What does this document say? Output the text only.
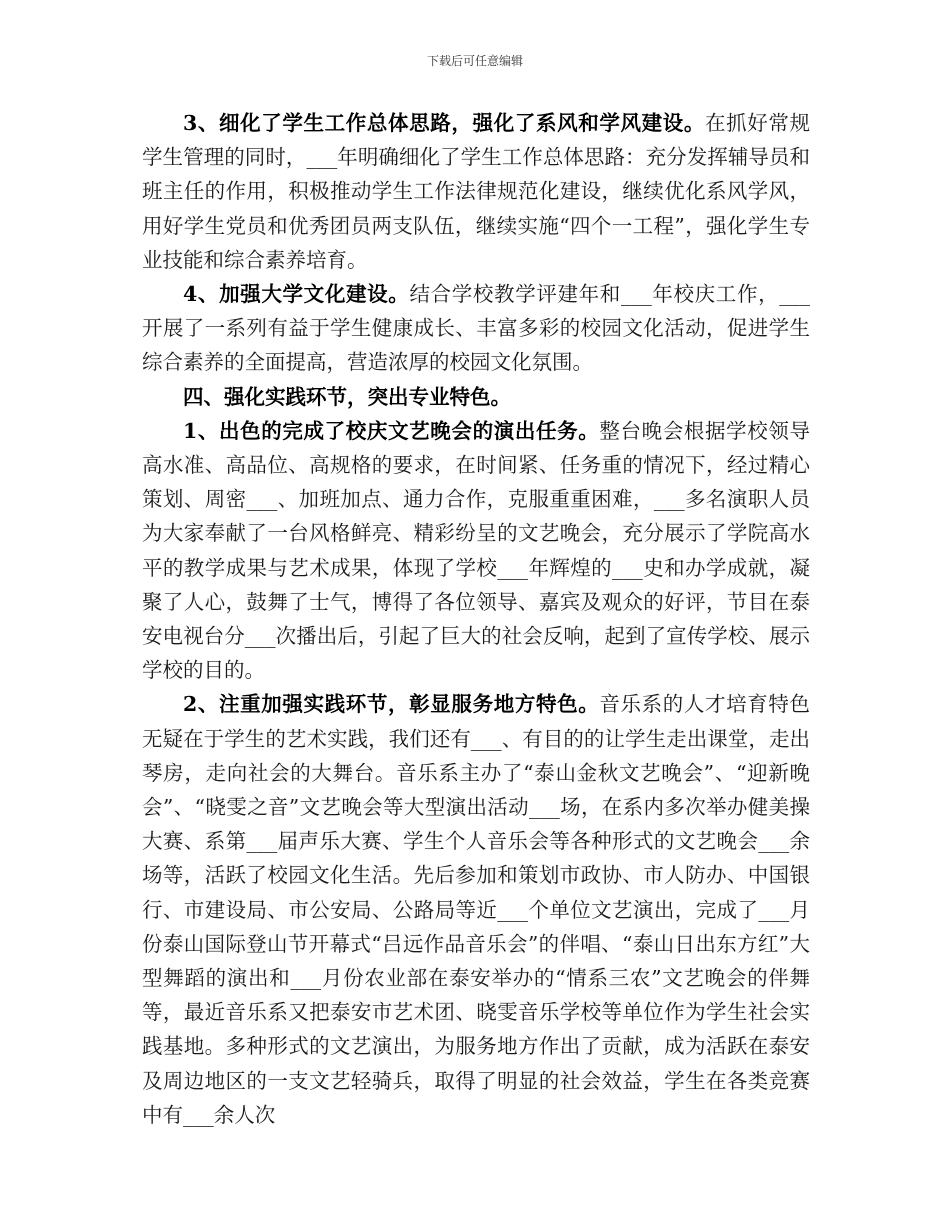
下载后可任意编辑

3、细化了学生工作总体思路，强化了系风和学风建设。在抓好常规学生管理的同时，___年明确细化了学生工作总体思路：充分发挥辅导员和班主任的作用，积极推动学生工作法律规范化建设，继续优化系风学风，用好学生党员和优秀团员两支队伍，继续实施“四个一工程”，强化学生专业技能和综合素养培育。

4、加强大学文化建设。结合学校教学评建年和___年校庆工作，___开展了一系列有益于学生健康成长、丰富多彩的校园文化活动，促进学生综合素养的全面提高，营造浓厚的校园文化氛围。

四、强化实践环节，突出专业特色。

1、出色的完成了校庆文艺晚会的演出任务。整台晚会根据学校领导高水准、高品位、高规格的要求，在时间紧、任务重的情况下，经过精心策划、周密___、加班加点、通力合作，克服重重困难，___多名演职人员为大家奉献了一台风格鲜亮、精彩纷呈的文艺晚会，充分展示了学院高水平的教学成果与艺术成果，体现了学校___年辉煌的___史和办学成就，凝聚了人心，鼓舞了士气，博得了各位领导、嘉宾及观众的好评，节目在泰安电视台分___次播出后，引起了巨大的社会反响，起到了宣传学校、展示学校的目的。

2、注重加强实践环节，彰显服务地方特色。音乐系的人才培育特色无疑在于学生的艺术实践，我们还有___、有目的的让学生走出课堂，走出琴房，走向社会的大舞台。音乐系主办了“泰山金秋文艺晚会”、“迎新晚会”、“晓雯之音”文艺晚会等大型演出活动___场，在系内多次举办健美操大赛、系第___届声乐大赛、学生个人音乐会等各种形式的文艺晚会___余场等，活跃了校园文化生活。先后参加和策划市政协、市人防办、中国银行、市建设局、市公安局、公路局等近___个单位文艺演出，完成了___月份泰山国际登山节开幕式“吕远作品音乐会”的伴唱、“泰山日出东方红”大型舞蹈的演出和___月份农业部在泰安举办的“情系三农”文艺晚会的伴舞等，最近音乐系又把泰安市艺术团、晓雯音乐学校等单位作为学生社会实践基地。多种形式的文艺演出，为服务地方作出了贡献，成为活跃在泰安及周边地区的一支文艺轻骑兵，取得了明显的社会效益，学生在各类竞赛中有___余人次
